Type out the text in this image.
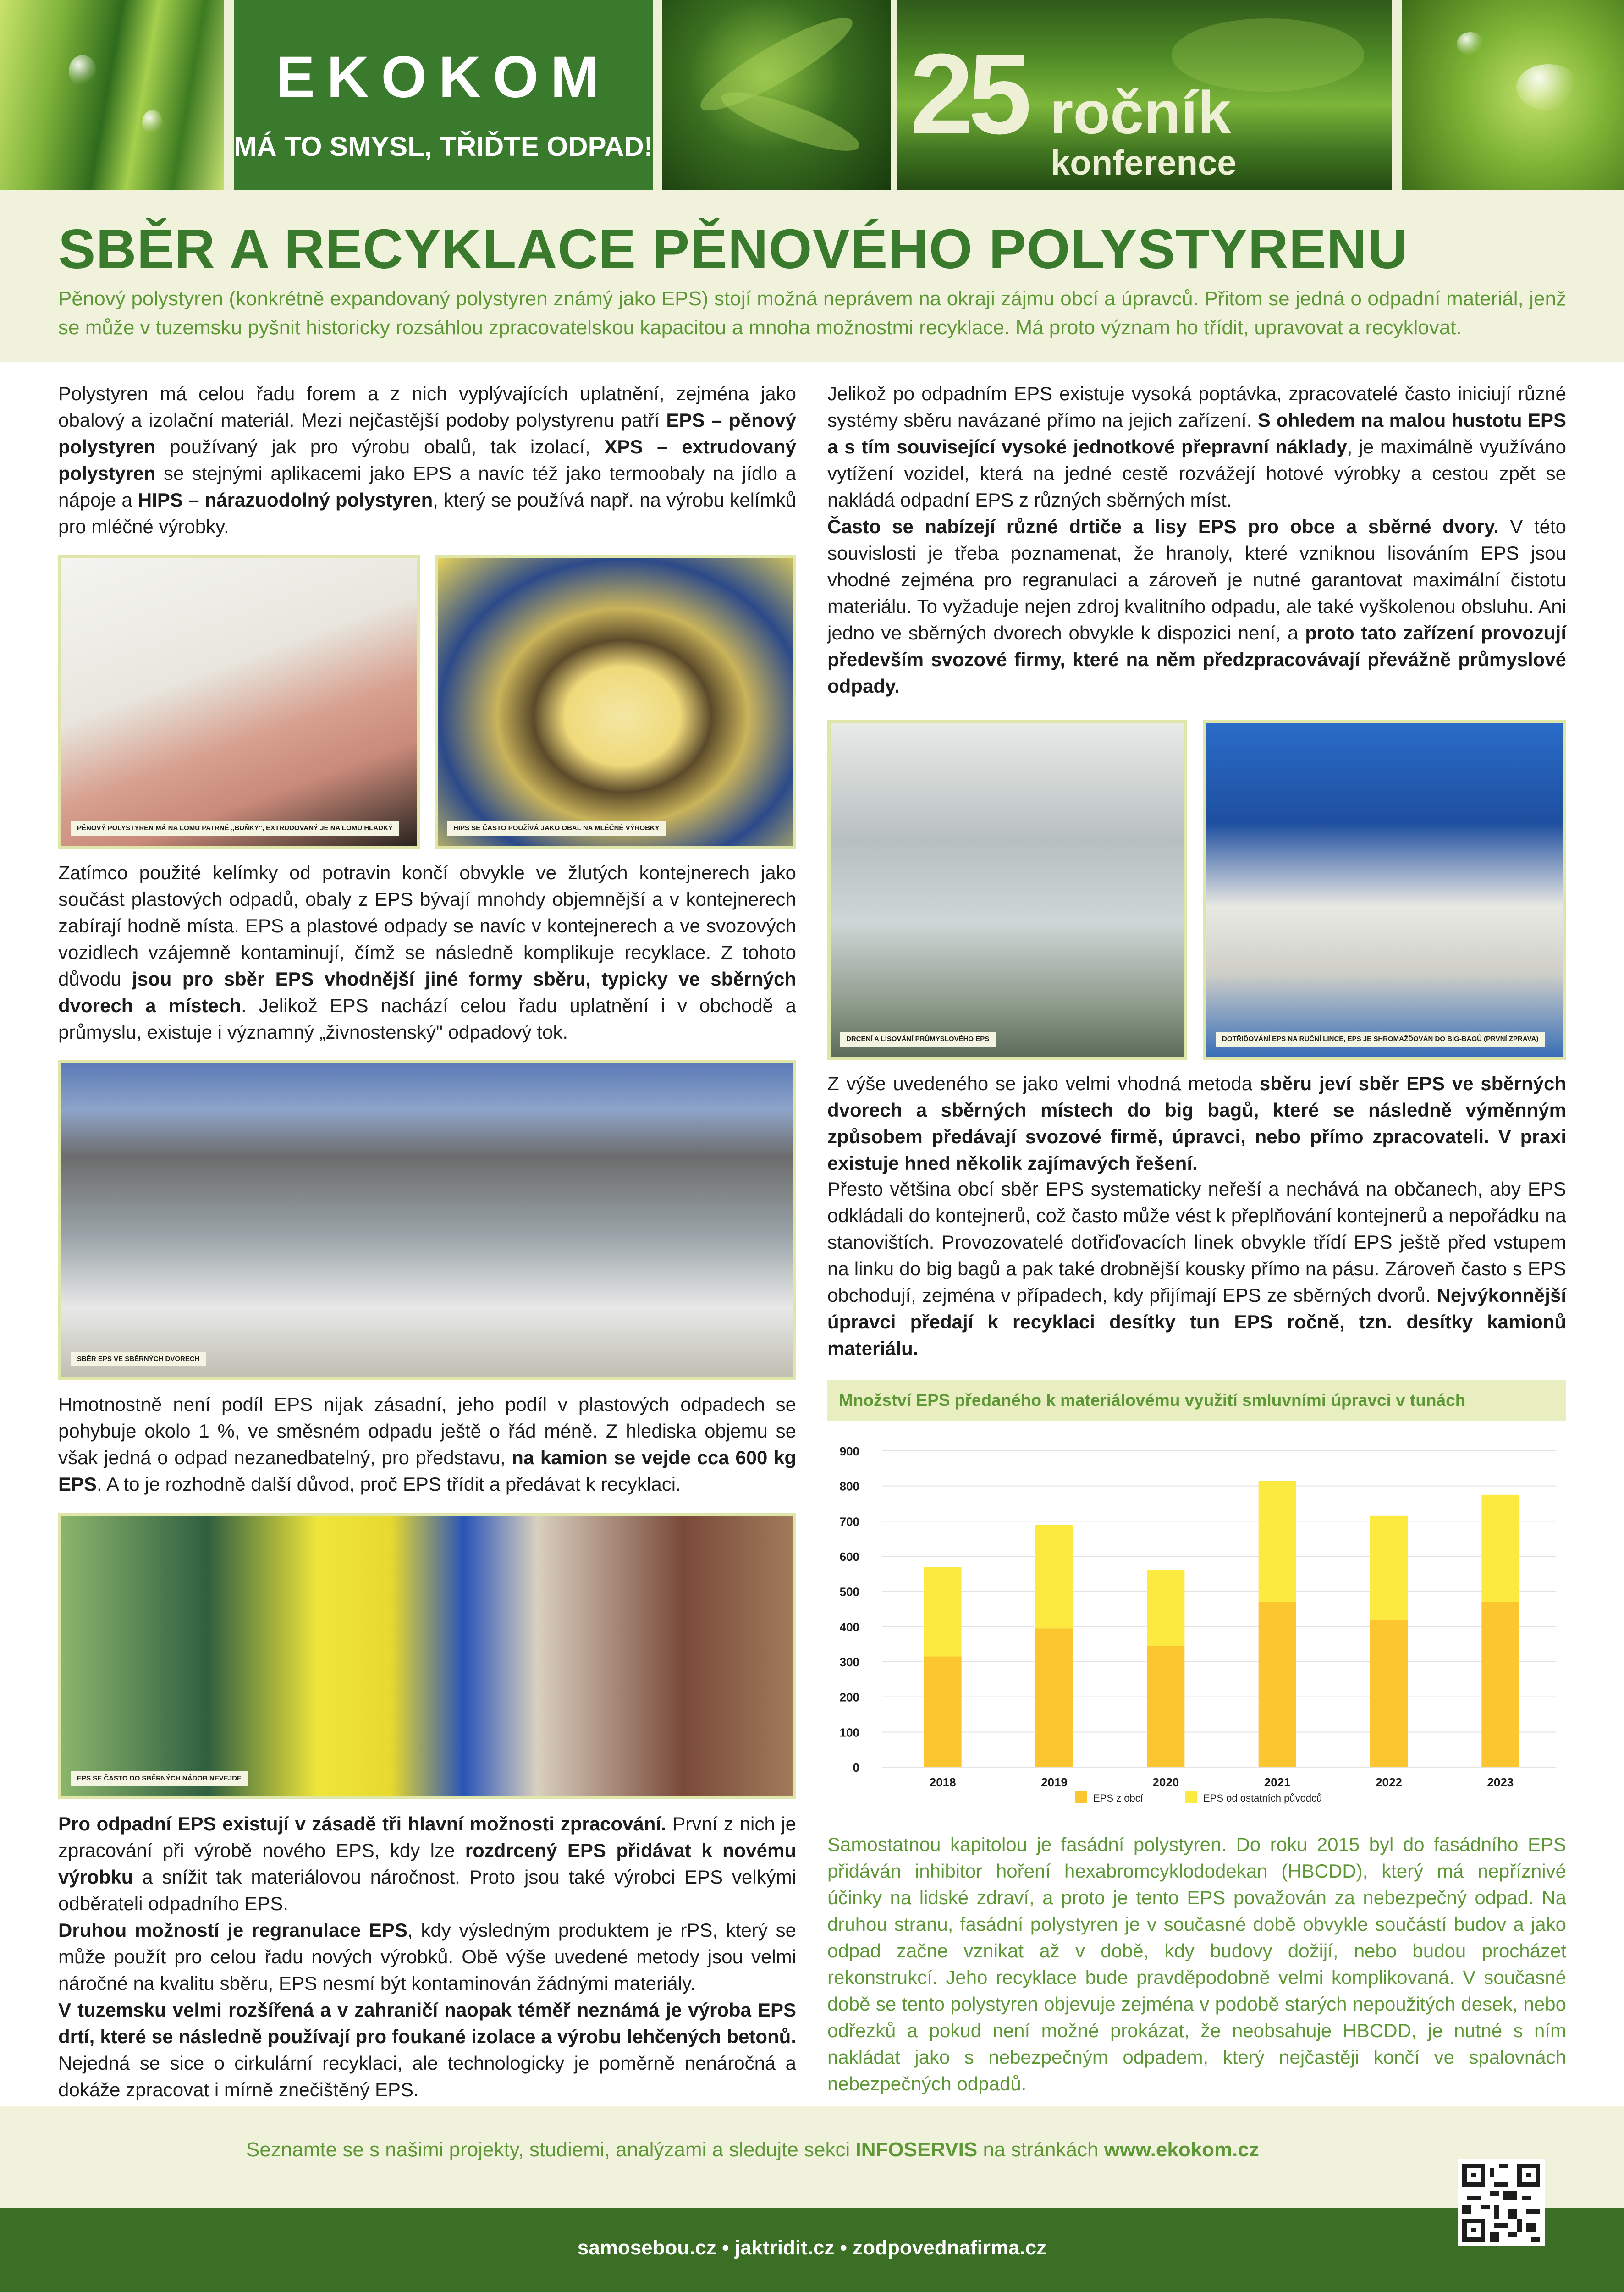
EKOKOM
MÁ TO SMYSL, TŘIĎTE ODPAD! 25 ročník
konference
SBĚR A RECYKLACE PĚNOVÉHO POLYSTYRENU

Pěnový polystyren (konkrétně expandovaný polystyren známý jako EPS) stojí možná neprávem na okraji zájmu obcí a úpravců. Přitom se jedná o odpadní materiál, jenž se může v tuzemsku pyšnit historicky rozsáhlou zpracovatelskou kapacitou a mnoha možnostmi recyklace. Má proto význam ho třídit, upravovat a recyklovat.

Polystyren má celou řadu forem a z nich vyplývajících uplatnění, zejména jako obalový a izolační materiál. Mezi nejčastější podoby polystyrenu patří EPS – pěnový polystyren používaný jak pro výrobu obalů, tak izolací, XPS – extrudovaný polystyren se stejnými aplikacemi jako EPS a navíc též jako termoobaly na jídlo a nápoje a HIPS – nárazuodolný polystyren, který se používá např. na výrobu kelímků pro mléčné výrobky.

PĚNOVÝ POLYSTYREN MÁ NA LOMU PATRNÉ „BUŇKY", EXTRUDOVANÝ JE NA LOMU HLADKÝ	HIPS SE ČASTO POUŽÍVÁ JAKO OBAL NA MLÉČNÉ VÝROBKY

Zatímco použité kelímky od potravin končí obvykle ve žlutých kontejnerech jako součást plastových odpadů, obaly z EPS bývají mnohdy objemnější a v kontejnerech zabírají hodně místa. EPS a plastové odpady se navíc v kontejnerech a ve svozových vozidlech vzájemně kontaminují, čímž se následně komplikuje recyklace. Z tohoto důvodu jsou pro sběr EPS vhodnější jiné formy sběru, typicky ve sběrných dvorech a místech. Jelikož EPS nachází celou řadu uplatnění i v obchodě a průmyslu, existuje i významný „živnostenský" odpadový tok.

SBĚR EPS VE SBĚRNÝCH DVORECH

Hmotnostně není podíl EPS nijak zásadní, jeho podíl v plastových odpadech se pohybuje okolo 1 %, ve směsném odpadu ještě o řád méně. Z hlediska objemu se však jedná o odpad nezanedbatelný, pro představu, na kamion se vejde cca 600 kg EPS. A to je rozhodně další důvod, proč EPS třídit a předávat k recyklaci.

EPS SE ČASTO DO SBĚRNÝCH NÁDOB NEVEJDE

Pro odpadní EPS existují v zásadě tři hlavní možnosti zpracování. První z nich je zpracování při výrobě nového EPS, kdy lze rozdrcený EPS přidávat k novému výrobku a snížit tak materiálovou náročnost. Proto jsou také výrobci EPS velkými odběrateli odpadního EPS.

Druhou možností je regranulace EPS, kdy výsledným produktem je rPS, který se může použít pro celou řadu nových výrobků. Obě výše uvedené metody jsou velmi náročné na kvalitu sběru, EPS nesmí být kontaminován žádnými materiály.

V tuzemsku velmi rozšířená a v zahraničí naopak téměř neznámá je výroba EPS drtí, které se následně používají pro foukané izolace a výrobu lehčených betonů. Nejedná se sice o cirkulární recyklaci, ale technologicky je poměrně nenáročná a dokáže zpracovat i mírně znečištěný EPS.

Jelikož po odpadním EPS existuje vysoká poptávka, zpracovatelé často iniciují různé systémy sběru navázané přímo na jejich zařízení. S ohledem na malou hustotu EPS a s tím související vysoké jednotkové přepravní náklady, je maximálně využíváno vytížení vozidel, která na jedné cestě rozvážejí hotové výrobky a cestou zpět se nakládá odpadní EPS z různých sběrných míst.

Často se nabízejí různé drtiče a lisy EPS pro obce a sběrné dvory. V této souvislosti je třeba poznamenat, že hranoly, které vzniknou lisováním EPS jsou vhodné zejména pro regranulaci a zároveň je nutné garantovat maximální čistotu materiálu. To vyžaduje nejen zdroj kvalitního odpadu, ale také vyškolenou obsluhu. Ani jedno ve sběrných dvorech obvykle k dispozici není, a proto tato zařízení provozují především svozové firmy, které na něm předzpracovávají převážně průmyslové odpady.

DRCENÍ A LISOVÁNÍ PRŮMYSLOVÉHO EPS	DOTŘIĎOVÁNÍ EPS NA RUČNÍ LINCE, EPS JE SHROMAŽĎOVÁN DO BIG-BAGŮ (PRVNÍ ZPRAVA)

Z výše uvedeného se jako velmi vhodná metoda sběru jeví sběr EPS ve sběrných dvorech a sběrných místech do big bagů, které se následně výměnným způsobem předávají svozové firmě, úpravci, nebo přímo zpracovateli. V praxi existuje hned několik zajímavých řešení.

Přesto většina obcí sběr EPS systematicky neřeší a nechává na občanech, aby EPS odkládali do kontejnerů, což často může vést k přeplňování kontejnerů a nepořádku na stanovištích. Provozovatelé dotřiďovacích linek obvykle třídí EPS ještě před vstupem na linku do big bagů a pak také drobnější kousky přímo na pásu. Zároveň často s EPS obchodují, zejména v případech, kdy přijímají EPS ze sběrných dvorů. Nejvýkonnější úpravci předají k recyklaci desítky tun EPS ročně, tzn. desítky kamionů materiálu.

Množství EPS předaného k materiálovému využití smluvními úpravci v tunách
0
100
200
300
400
500
600
700
800
900
2018	2019	2020	2021	2022	2023
EPS z obcí	EPS od ostatních původců

Samostatnou kapitolou je fasádní polystyren. Do roku 2015 byl do fasádního EPS přidáván inhibitor hoření hexabromcyklododekan (HBCDD), který má nepříznivé účinky na lidské zdraví, a proto je tento EPS považován za nebezpečný odpad. Na druhou stranu, fasádní polystyren je v současné době obvykle součástí budov a jako odpad začne vznikat až v době, kdy budovy dožijí, nebo budou procházet rekonstrukcí. Jeho recyklace bude pravděpodobně velmi komplikovaná. V současné době se tento polystyren objevuje zejména v podobě starých nepoužitých desek, nebo odřezků a pokud není možné prokázat, že neobsahuje HBCDD, je nutné s ním nakládat jako s nebezpečným odpadem, který nejčastěji končí ve spalovnách nebezpečných odpadů.

Seznamte se s našimi projekty, studiemi, analýzami a sledujte sekci INFOSERVIS na stránkách www.ekokom.cz
samosebou.cz • jaktridit.cz • zodpovednafirma.cz
